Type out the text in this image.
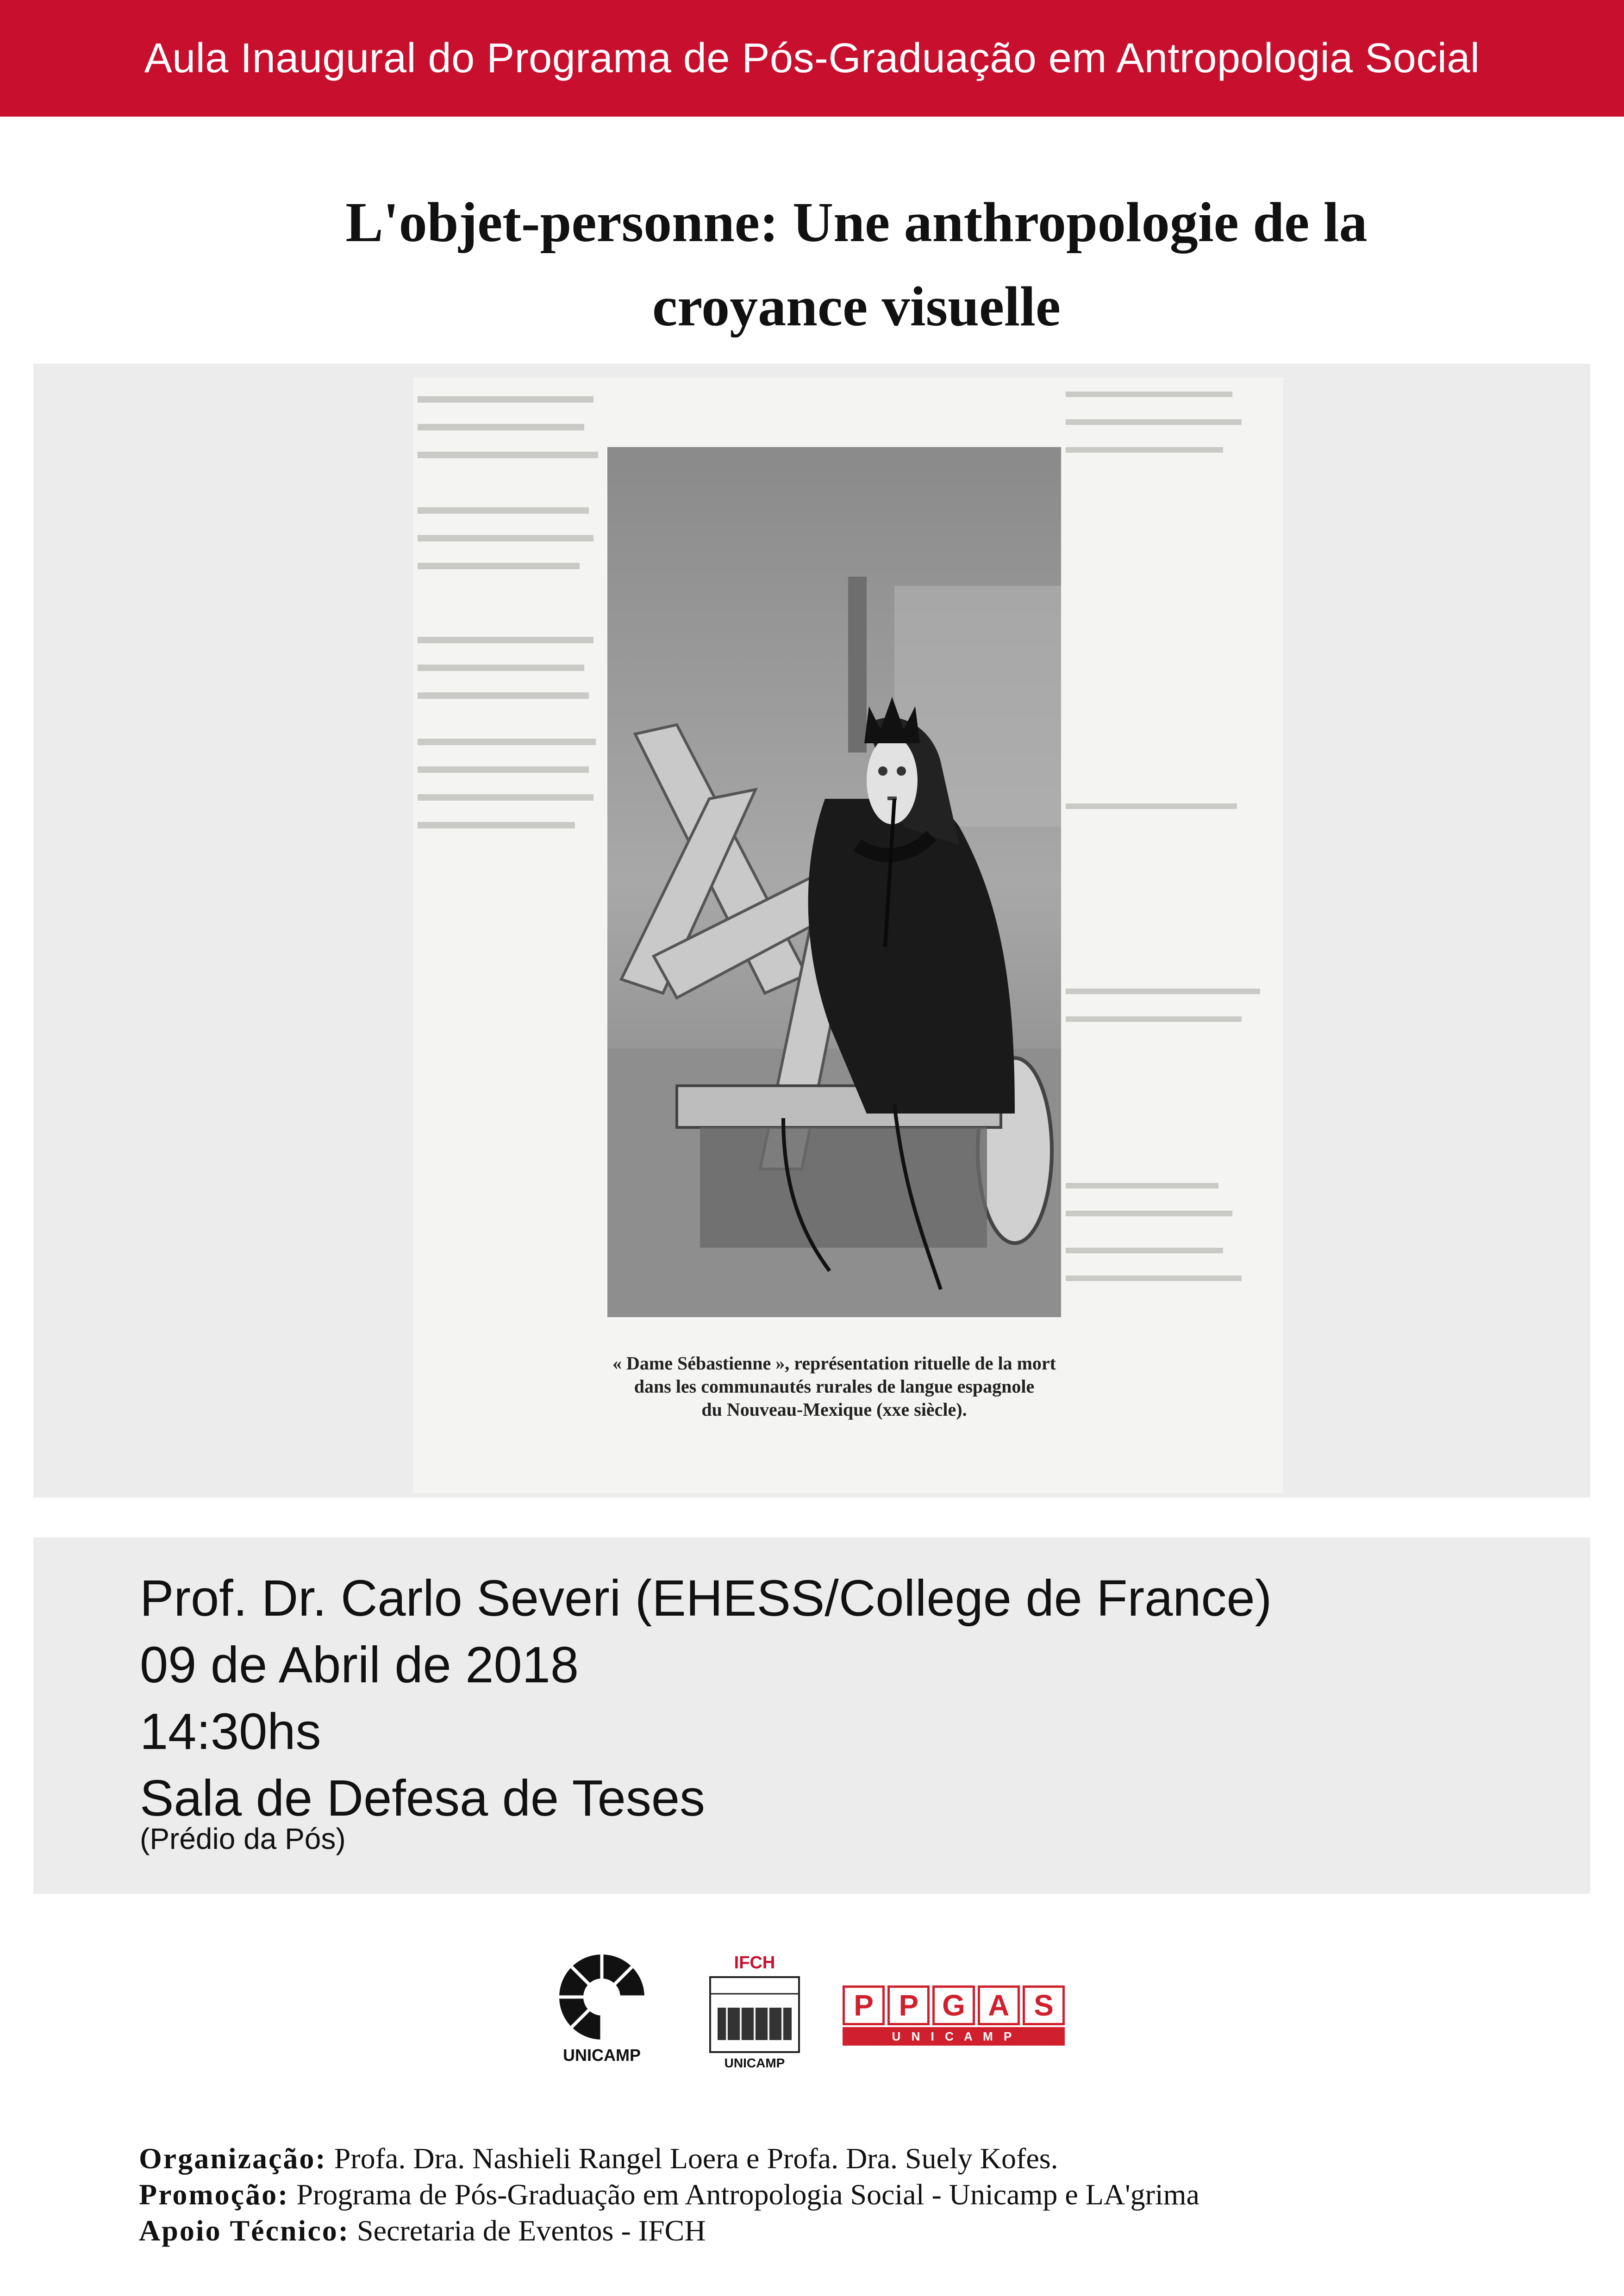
Aula Inaugural do Programa de Pós-Graduação em Antropologia Social
L'objet-personne: Une anthropologie de la
croyance visuelle
« Dame Sébastienne », représentation rituelle de la mort
dans les communautés rurales de langue espagnole
du Nouveau-Mexique (xxe siècle).
Prof. Dr. Carlo Severi (EHESS/College de France)
09 de Abril de 2018
14:30hs
Sala de Defesa de Teses
(Prédio da Pós)
UNICAMP
IFCH
UNICAMP
P P G A S
U N I C A M P
Organização: Profa. Dra. Nashieli Rangel Loera e Profa. Dra. Suely Kofes.
Promoção: Programa de Pós-Graduação em Antropologia Social - Unicamp e LA'grima
Apoio Técnico: Secretaria de Eventos - IFCH
